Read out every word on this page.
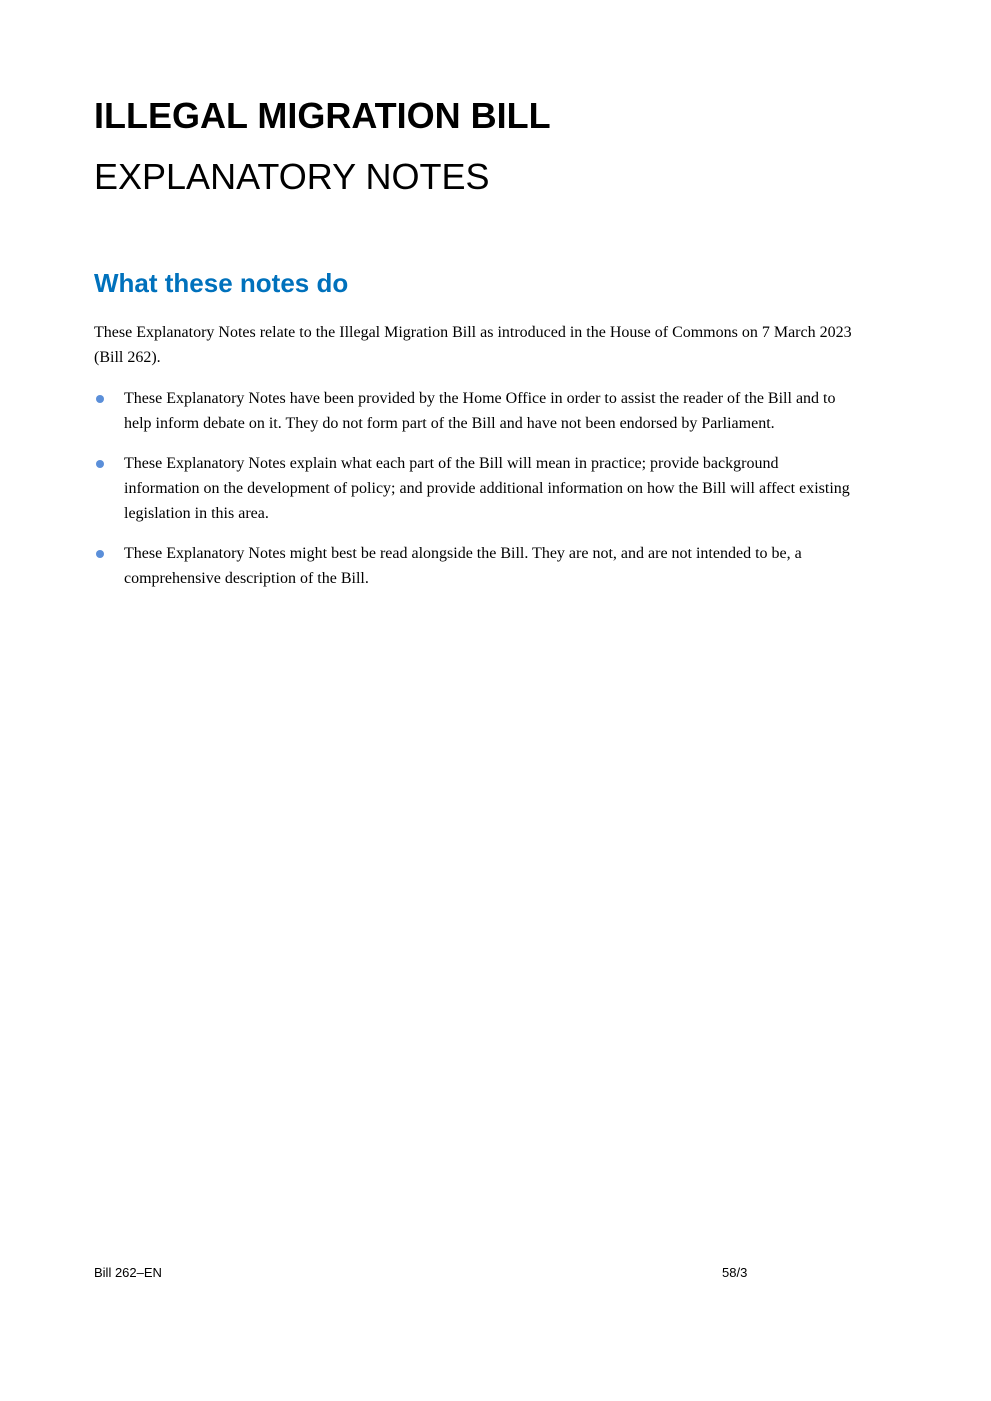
ILLEGAL MIGRATION BILL
EXPLANATORY NOTES
What these notes do

These Explanatory Notes relate to the Illegal Migration Bill as introduced in the House of Commons on 7 March 2023 (Bill 262).

These Explanatory Notes have been provided by the Home Office in order to assist the reader of the Bill and to help inform debate on it. They do not form part of the Bill and have not been endorsed by Parliament.
These Explanatory Notes explain what each part of the Bill will mean in practice; provide background information on the development of policy; and provide additional information on how the Bill will affect existing legislation in this area.
These Explanatory Notes might best be read alongside the Bill. They are not, and are not intended to be, a comprehensive description of the Bill.

Bill 262–EN	58/3
